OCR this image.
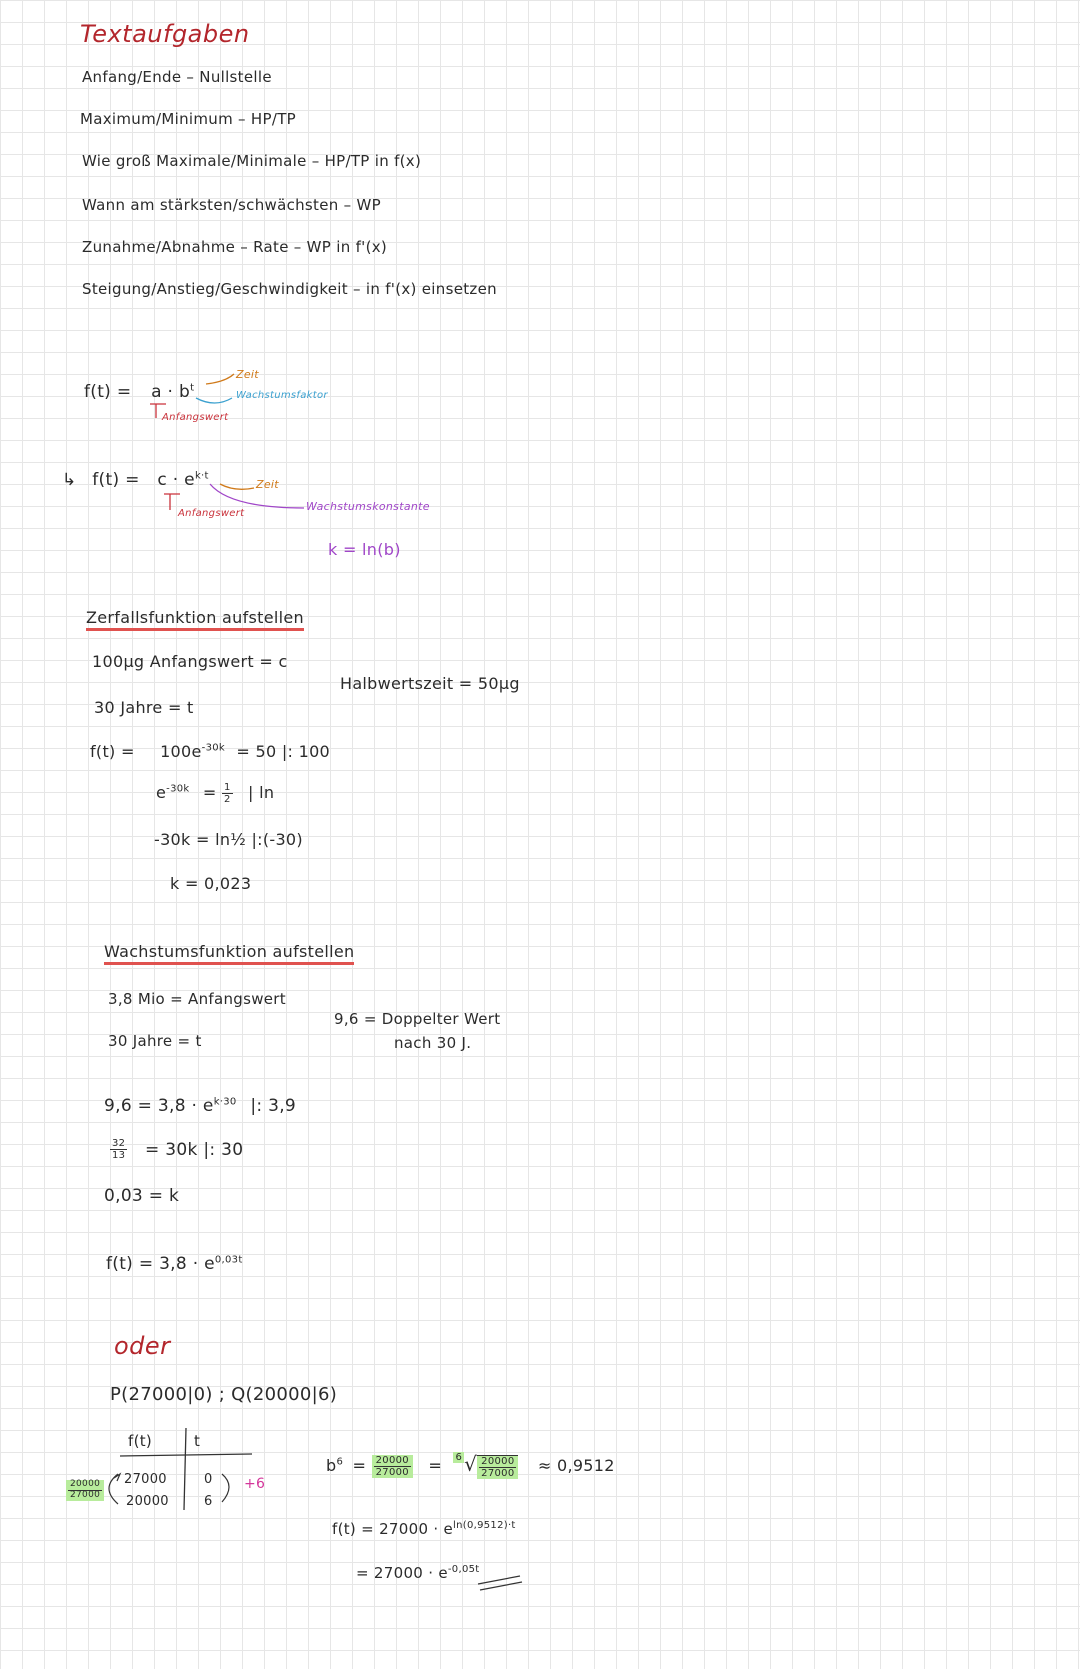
Textaufgaben
Anfang/Ende – Nullstelle
Maximum/Minimum – HP/TP
Wie groß Maximale/Minimale – HP/TP in f(x)
Wann am stärksten/schwächsten – WP
Zunahme/Abnahme – Rate – WP in f'(x)
Steigung/Anstieg/Geschwindigkeit – in f'(x) einsetzen
$f(t) = a \cdot b^t$
Zeit
Wachstumsfaktor
Anfangswert
↳ $f(t) = c \cdot e^{k\cdot t}$
Zeit
Wachstumskonstante
Anfangswert
k = ln(b)
Zerfallsfunktion aufstellen
100µg Anfangswert = c
30 Jahre = t
Halbwertszeit = 50µg
$f(t) = 100e^{-30k} = 50$ |: 100
$e^{-30k} = \frac{1}{2}$ | ln
-30k = ln½ |:(-30)
k = 0,023
Wachstumsfunktion aufstellen
3,8 Mio = Anfangswert
30 Jahre = t
9,6 = Doppelter Wert
nach 30 J.
$9,6 = 3,8 \cdot e^{k\cdot 30}$ |: 3,9
$\frac{32}{13} = 30k$ |: 30
0,03 = k
$f(t) = 3,8 \cdot e^{0,03t}$
oder
P(27000|0) ; Q(20000|6)
f(t)	t
27000	0
20000	6
+6
$\frac{20000}{27000}$
$b^6 = \frac{20000}{27000} = ^6$ √ $\frac{20000}{27000} \approx 0,9512$
$f(t) = 27000 \cdot e^{ln(0,9512)\cdot t}$
= $27000 \cdot e^{-0,05t}$
